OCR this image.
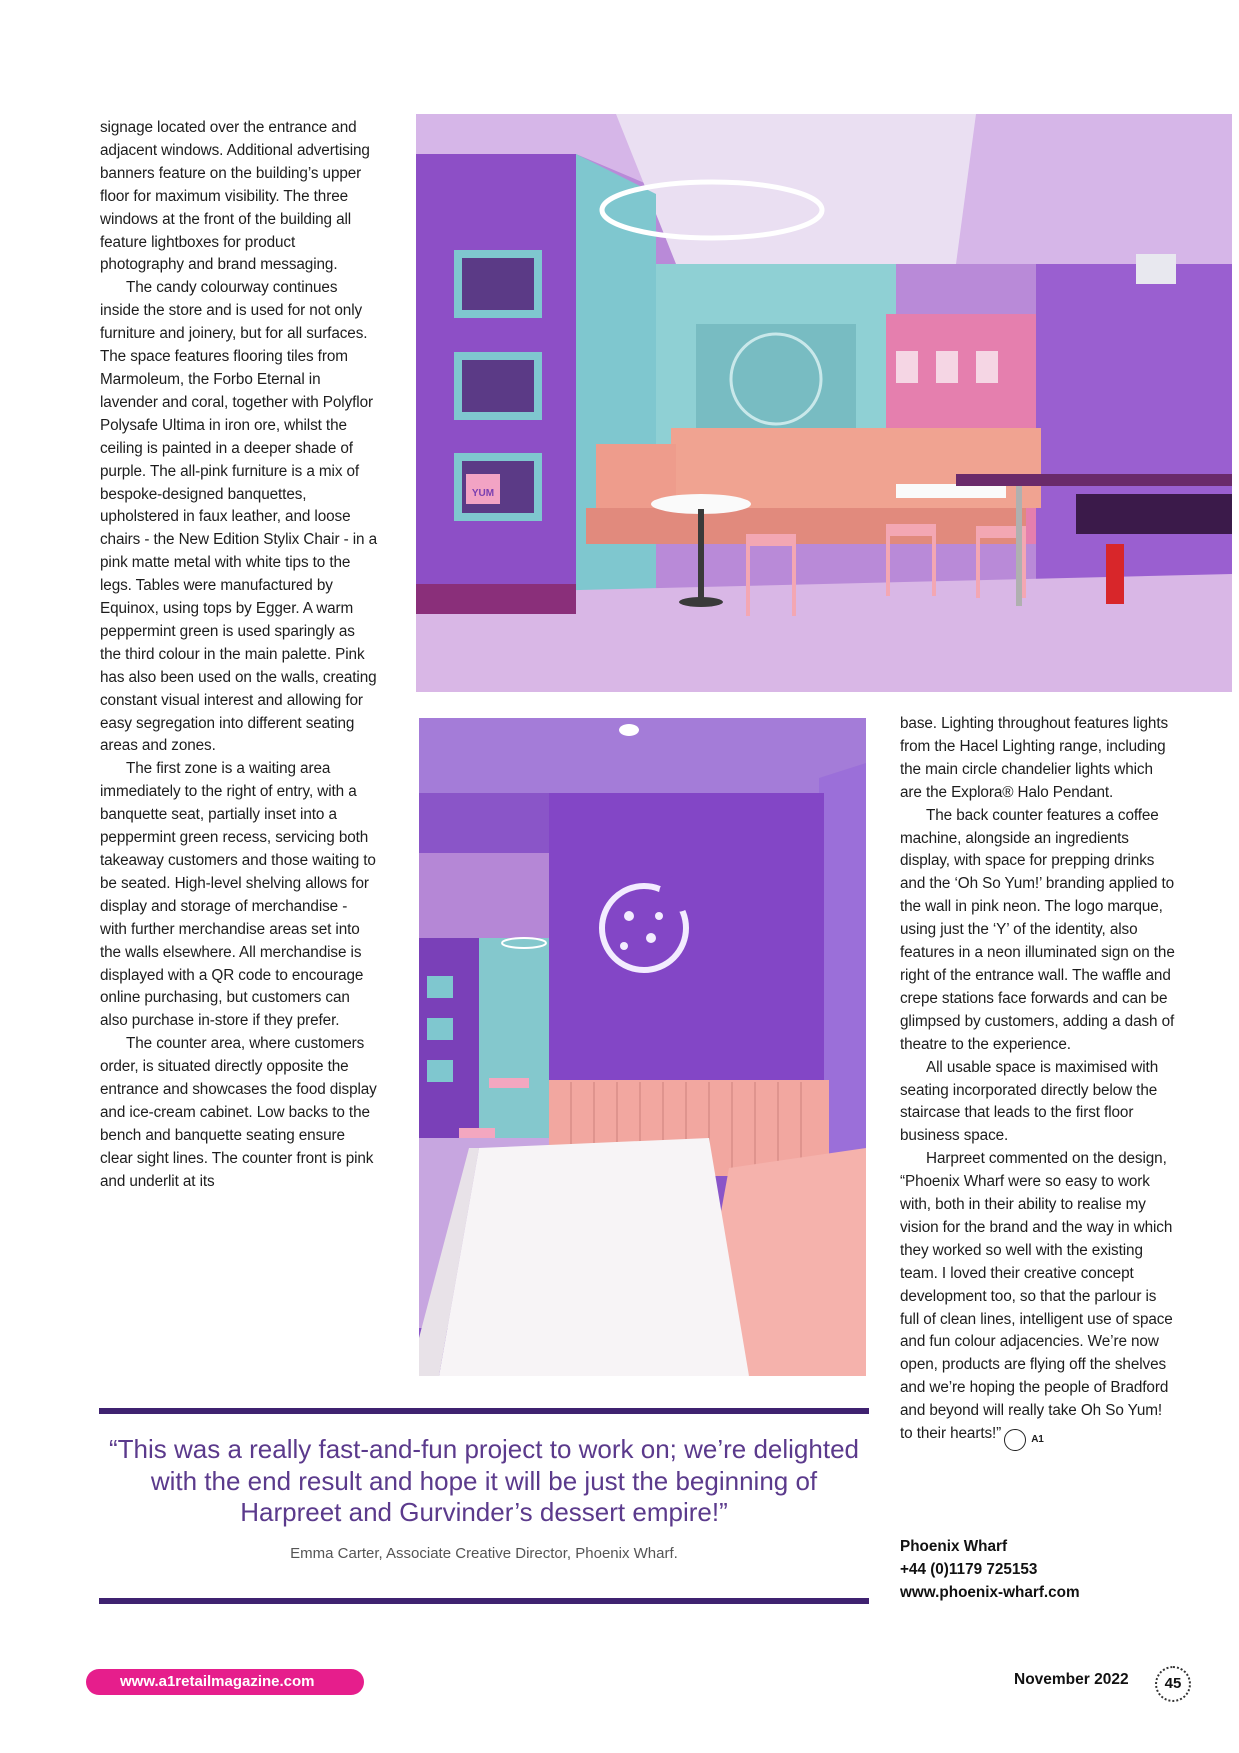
signage located over the entrance and adjacent windows. Additional advertising banners feature on the building’s upper floor for maximum visibility. The three windows at the front of the building all feature lightboxes for product photography and brand messaging.

The candy colourway continues inside the store and is used for not only furniture and joinery, but for all surfaces. The space features flooring tiles from Marmoleum, the Forbo Eternal in lavender and coral, together with Polyflor Polysafe Ultima in iron ore, whilst the ceiling is painted in a deeper shade of purple. The all-pink furniture is a mix of bespoke-designed banquettes, upholstered in faux leather, and loose chairs - the New Edition Stylix Chair - in a pink matte metal with white tips to the legs. Tables were manufactured by Equinox, using tops by Egger. A warm peppermint green is used sparingly as the third colour in the main palette. Pink has also been used on the walls, creating constant visual interest and allowing for easy segregation into different seating areas and zones.

The first zone is a waiting area immediately to the right of entry, with a banquette seat, partially inset into a peppermint green recess, servicing both takeaway customers and those waiting to be seated. High-level shelving allows for display and storage of merchandise - with further merchandise areas set into the walls elsewhere. All merchandise is displayed with a QR code to encourage online purchasing, but customers can also purchase in-store if they prefer.

The counter area, where customers order, is situated directly opposite the entrance and showcases the food display and ice-cream cabinet. Low backs to the bench and banquette seating ensure clear sight lines. The counter front is pink and underlit at its

YUM

base. Lighting throughout features lights from the Hacel Lighting range, including the main circle chandelier lights which are the Explora® Halo Pendant.

The back counter features a coffee machine, alongside an ingredients display, with space for prepping drinks and the ‘Oh So Yum!’ branding applied to the wall in pink neon. The logo marque, using just the ‘Y’ of the identity, also features in a neon illuminated sign on the right of the entrance wall. The waffle and crepe stations face forwards and can be glimpsed by customers, adding a dash of theatre to the experience.

All usable space is maximised with seating incorporated directly below the staircase that leads to the first floor business space.

Harpreet commented on the design, “Phoenix Wharf were so easy to work with, both in their ability to realise my vision for the brand and the way in which they worked so well with the existing team. I loved their creative concept development too, so that the parlour is full of clean lines, intelligent use of space and fun colour adjacencies. We’re now open, products are flying off the shelves and we’re hoping the people of Bradford and beyond will really take Oh So Yum! to their hearts!”	A1

“This was a really fast-and-fun project to work on; we’re delighted with the end result and hope it will be just the beginning of Harpreet and Gurvinder’s dessert empire!”
Emma Carter, Associate Creative Director, Phoenix Wharf.	Phoenix Wharf
+44 (0)1179 725153
www.phoenix-wharf.com
www.a1retailmagazine.com	November 2022	45
